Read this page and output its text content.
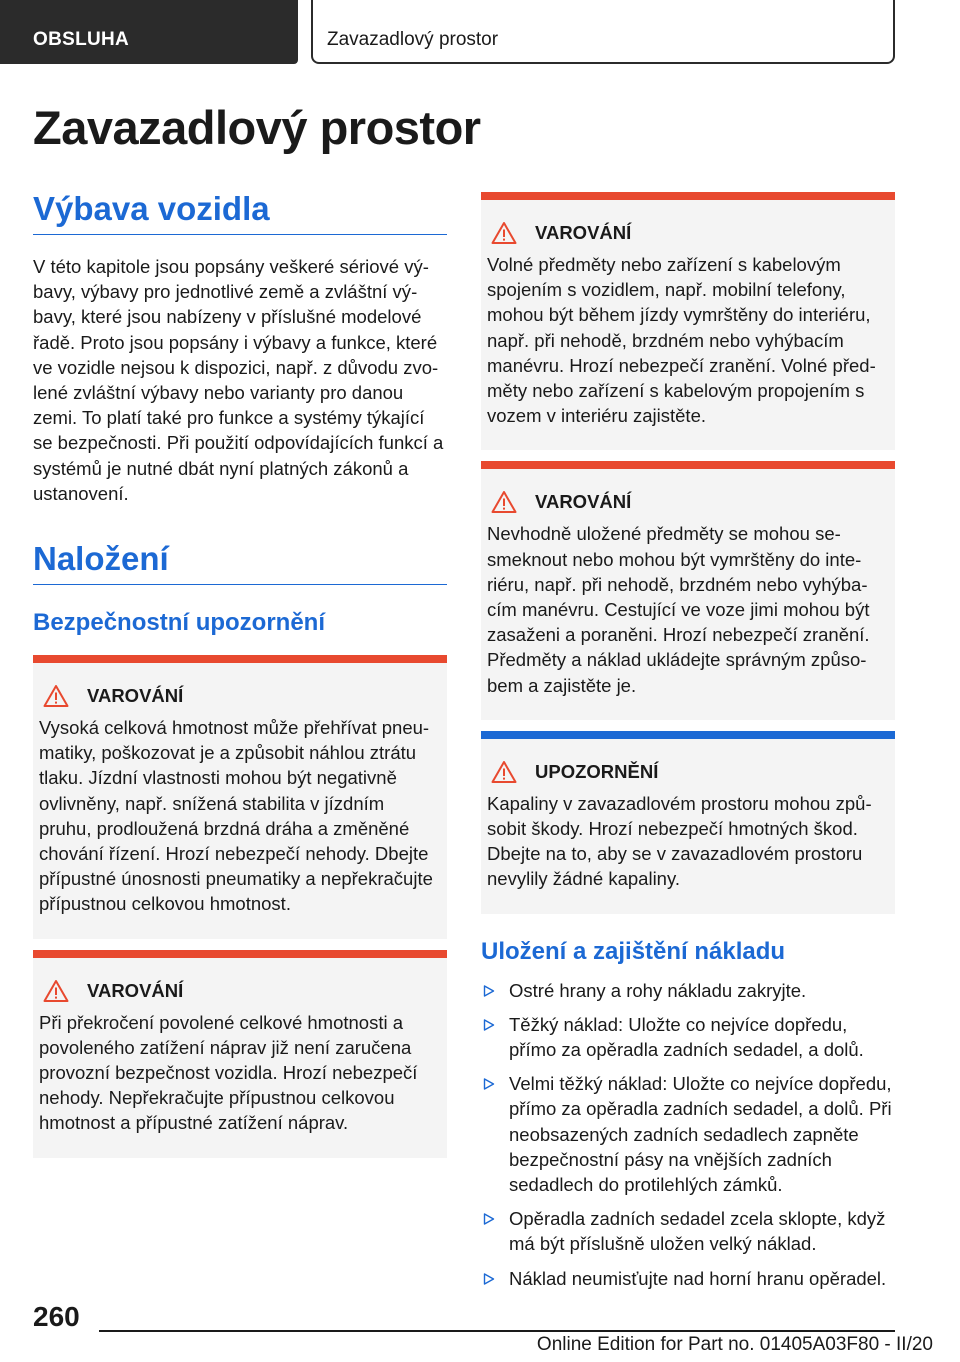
OBSLUHA	Zavazadlový prostor
Zavazadlový prostor
Výbava vozidla

V této kapitole jsou popsány veškeré sériové výbavy, výbavy pro jednotlivé země a zvláštní výbavy, které jsou nabízeny v příslušné modelové řadě. Proto jsou popsány i výbavy a funkce, které ve vozidle nejsou k dispozici, např. z důvodu zvolené zvláštní výbavy nebo varianty pro danou zemi. To platí také pro funkce a systémy týkající se bezpečnosti. Při použití odpovídajících funkcí a systémů je nutné dbát nyní platných zákonů a ustanovení.

Naložení
Bezpečnostní upozornění
VAROVÁNÍ

Vysoká celková hmotnost může přehřívat pneumatiky, poškozovat je a způsobit náhlou ztrátu tlaku. Jízdní vlastnosti mohou být negativně ovlivněny, např. snížená stabilita v jízdním pruhu, prodloužená brzdná dráha a změněné chování řízení. Hrozí nebezpečí nehody. Dbejte přípustné únosnosti pneumatiky a nepřekračujte přípustnou celkovou hmotnost.

VAROVÁNÍ

Při překročení povolené celkové hmotnosti a povoleného zatížení náprav již není zaručena provozní bezpečnost vozidla. Hrozí nebezpečí nehody. Nepřekračujte přípustnou celkovou hmotnost a přípustné zatížení náprav.

VAROVÁNÍ

Volné předměty nebo zařízení s kabelovým spojením s vozidlem, např. mobilní telefony, mohou být během jízdy vymrštěny do interiéru, např. při nehodě, brzdném nebo vyhýbacím manévru. Hrozí nebezpečí zranění. Volné předměty nebo zařízení s kabelovým propojením s vozem v interiéru zajistěte.

VAROVÁNÍ

Nevhodně uložené předměty se mohou sesmeknout nebo mohou být vymrštěny do interiéru, např. při nehodě, brzdném nebo vyhýbacím manévru. Cestující ve voze jimi mohou být zasaženi a poraněni. Hrozí nebezpečí zranění. Předměty a náklad ukládejte správným způsobem a zajistěte je.

UPOZORNĚNÍ

Kapaliny v zavazadlovém prostoru mohou způsobit škody. Hrozí nebezpečí hmotných škod. Dbejte na to, aby se v zavazadlovém prostoru nevylily žádné kapaliny.

Uložení a zajištění nákladu
Ostré hrany a rohy nákladu zakryjte.
Těžký náklad: Uložte co nejvíce dopředu, přímo za opěradla zadních sedadel, a dolů.
Velmi těžký náklad: Uložte co nejvíce dopředu, přímo za opěradla zadních sedadel, a dolů. Při neobsazených zadních sedadlech zapněte bezpečnostní pásy na vnějších zadních sedadlech do protilehlých zámků.
Opěradla zadních sedadel zcela sklopte, když má být příslušně uložen velký náklad.
Náklad neumisťujte nad horní hranu opěradel.
260
Online Edition for Part no. 01405A03F80 - II/20
